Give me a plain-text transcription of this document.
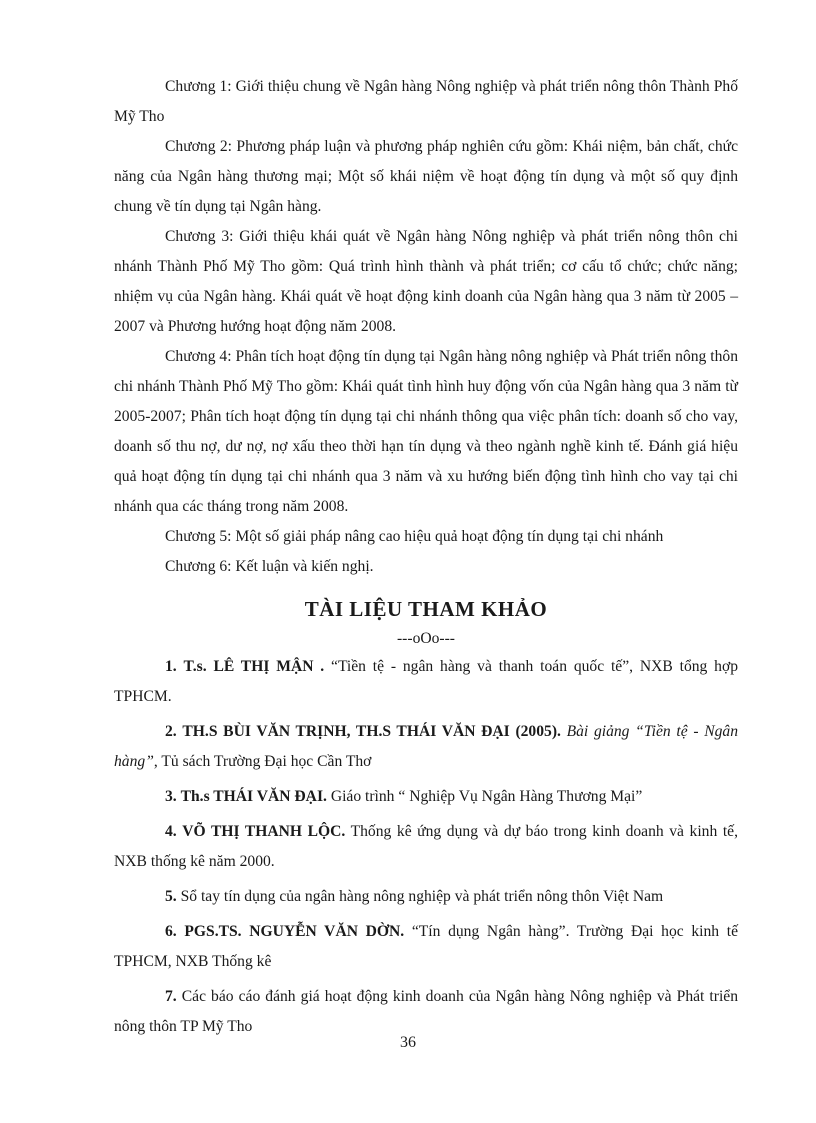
Chương 1: Giới thiệu chung về Ngân hàng Nông nghiệp và phát triển nông thôn Thành Phố Mỹ Tho

Chương 2: Phương pháp luận và phương pháp nghiên cứu gồm: Khái niệm, bản chất, chức năng của Ngân hàng thương mại; Một số khái niệm về hoạt động tín dụng và một số quy định chung về tín dụng tại Ngân hàng.

Chương 3: Giới thiệu khái quát về Ngân hàng Nông nghiệp và phát triển nông thôn chi nhánh Thành Phố Mỹ Tho gồm: Quá trình hình thành và phát triển; cơ cấu tổ chức; chức năng; nhiệm vụ của Ngân hàng. Khái quát về hoạt động kinh doanh của Ngân hàng qua 3 năm từ 2005 – 2007 và Phương hướng hoạt động năm 2008.

Chương 4: Phân tích hoạt động tín dụng tại Ngân hàng nông nghiệp và Phát triển nông thôn chi nhánh Thành Phố Mỹ Tho gồm: Khái quát tình hình huy động vốn của Ngân hàng qua 3 năm từ 2005-2007; Phân tích hoạt động tín dụng tại chi nhánh thông qua việc phân tích: doanh số cho vay, doanh số thu nợ, dư nợ, nợ xấu theo thời hạn tín dụng và theo ngành nghề kinh tế. Đánh giá hiệu quả hoạt động tín dụng tại chi nhánh qua 3 năm và xu hướng biến động tình hình cho vay tại chi nhánh qua các tháng trong năm 2008.

Chương 5: Một số giải pháp nâng cao hiệu quả hoạt động tín dụng tại chi nhánh

Chương 6: Kết luận và kiến nghị.

TÀI LIỆU THAM KHẢO

---oOo---

1. T.s. LÊ THỊ MẬN . “Tiền tệ - ngân hàng và thanh toán quốc tế”, NXB tổng hợp TPHCM.

2. TH.S BÙI VĂN TRỊNH, TH.S THÁI VĂN ĐẠI (2005). Bài giảng “Tiền tệ - Ngân hàng”, Tủ sách Trường Đại học Cần Thơ

3. Th.s THÁI VĂN ĐẠI. Giáo trình “ Nghiệp Vụ Ngân Hàng Thương Mại”

4. VÕ THỊ THANH LỘC. Thống kê ứng dụng và dự báo trong kinh doanh và kinh tế, NXB thống kê năm 2000.

5. Sổ tay tín dụng của ngân hàng nông nghiệp và phát triển nông thôn Việt Nam

6. PGS.TS. NGUYỄN VĂN DỜN. “Tín dụng Ngân hàng”. Trường Đại học kinh tế TPHCM, NXB Thống kê

7. Các báo cáo đánh giá hoạt động kinh doanh của Ngân hàng Nông nghiệp và Phát triển nông thôn TP Mỹ Tho

36
